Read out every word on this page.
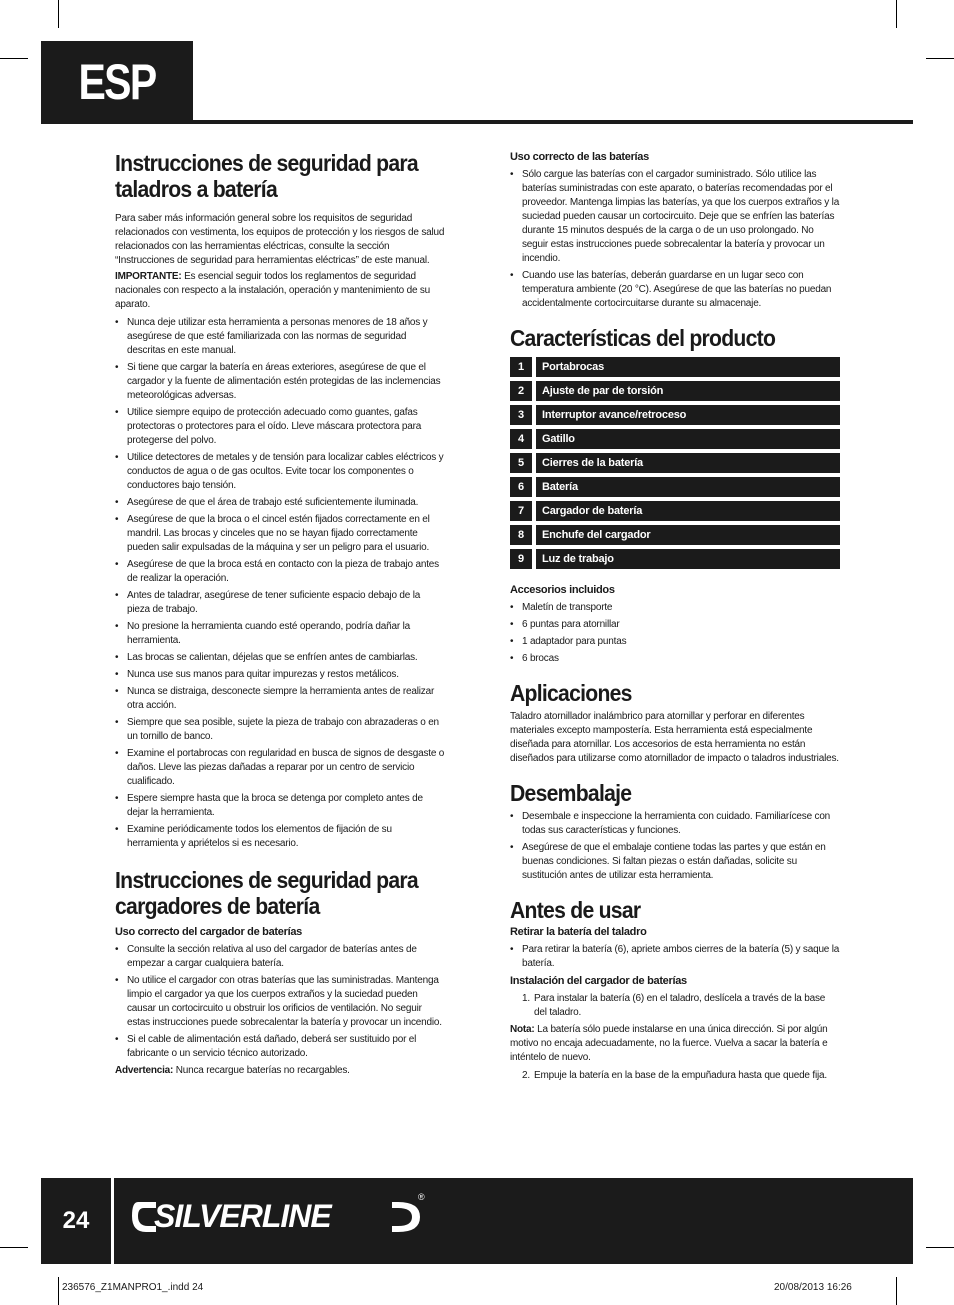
ESP
Instrucciones de seguridad para
taladros a batería

Para saber más información general sobre los requisitos de seguridad relacionados con vestimenta, los equipos de protección y los riesgos de salud relacionados con las herramientas eléctricas, consulte la sección “Instrucciones de seguridad para herramientas eléctricas” de este manual.

IMPORTANTE: Es esencial seguir todos los reglamentos de seguridad nacionales con respecto a la instalación, operación y mantenimiento de su aparato.

• Nunca deje utilizar esta herramienta a personas menores de 18 años y asegúrese de que esté familiarizada con las normas de seguridad descritas en este manual.
• Si tiene que cargar la batería en áreas exteriores, asegúrese de que el cargador y la fuente de alimentación estén protegidas de las inclemencias meteorológicas adversas.
• Utilice siempre equipo de protección adecuado como guantes, gafas protectoras o protectores para el oído. Lleve máscara protectora para protegerse del polvo.
• Utilice detectores de metales y de tensión para localizar cables eléctricos y conductos de agua o de gas ocultos. Evite tocar los componentes o conductores bajo tensión.
• Asegúrese de que el área de trabajo esté suficientemente iluminada.
• Asegúrese de que la broca o el cincel estén fijados correctamente en el mandril. Las brocas y cinceles que no se hayan fijado correctamente pueden salir expulsadas de la máquina y ser un peligro para el usuario.
• Asegúrese de que la broca está en contacto con la pieza de trabajo antes de realizar la operación.
• Antes de taladrar, asegúrese de tener suficiente espacio debajo de la pieza de trabajo.
• No presione la herramienta cuando esté operando, podría dañar la herramienta.
• Las brocas se calientan, déjelas que se enfríen antes de cambiarlas.
• Nunca use sus manos para quitar impurezas y restos metálicos.
• Nunca se distraiga, desconecte siempre la herramienta antes de realizar otra acción.
• Siempre que sea posible, sujete la pieza de trabajo con abrazaderas o en un tornillo de banco.
• Examine el portabrocas con regularidad en busca de signos de desgaste o daños. Lleve las piezas dañadas a reparar por un centro de servicio cualificado.
• Espere siempre hasta que la broca se detenga por completo antes de dejar la herramienta.
• Examine periódicamente todos los elementos de fijación de su herramienta y apriételos si es necesario.
Instrucciones de seguridad para
cargadores de batería
Uso correcto del cargador de baterías
• Consulte la sección relativa al uso del cargador de baterías antes de empezar a cargar cualquiera batería.
• No utilice el cargador con otras baterías que las suministradas. Mantenga limpio el cargador ya que los cuerpos extraños y la suciedad pueden causar un cortocircuito u obstruir los orificios de ventilación. No seguir estas instrucciones puede sobrecalentar la batería y provocar un incendio.
• Si el cable de alimentación está dañado, deberá ser sustituido por el fabricante o un servicio técnico autorizado.

Advertencia: Nunca recargue baterías no recargables.

Uso correcto de las baterías
• Sólo cargue las baterías con el cargador suministrado. Sólo utilice las baterías suministradas con este aparato, o baterías recomendadas por el proveedor. Mantenga limpias las baterías, ya que los cuerpos extraños y la suciedad pueden causar un cortocircuito. Deje que se enfríen las baterías durante 15 minutos después de la carga o de un uso prolongado. No seguir estas instrucciones puede sobrecalentar la batería y provocar un incendio.
• Cuando use las baterías, deberán guardarse en un lugar seco con temperatura ambiente (20 °C). Asegúrese de que las baterías no puedan accidentalmente cortocircuitarse durante su almacenaje.
Características del producto
1	Portabrocas
2	Ajuste de par de torsión
3	Interruptor avance/retroceso
4	Gatillo
5	Cierres de la batería
6	Batería
7	Cargador de batería
8	Enchufe del cargador
9	Luz de trabajo
Accesorios incluidos
• Maletín de transporte
• 6 puntas para atornillar
• 1 adaptador para puntas
• 6 brocas
Aplicaciones

Taladro atornillador inalámbrico para atornillar y perforar en diferentes materiales excepto mampostería. Esta herramienta está especialmente diseñada para atornillar. Los accesorios de esta herramienta no están diseñados para utilizarse como atornillador de impacto o taladros industriales.

Desembalaje
• Desembale e inspeccione la herramienta con cuidado. Familiarícese con todas sus características y funciones.
• Asegúrese de que el embalaje contiene todas las partes y que están en buenas condiciones. Si faltan piezas o están dañadas, solicite su sustitución antes de utilizar esta herramienta.
Antes de usar
Retirar la batería del taladro
• Para retirar la batería (6), apriete ambos cierres de la batería (5) y saque la batería.
Instalación del cargador de baterías
1. Para instalar la batería (6) en el taladro, deslícela a través de la base del taladro.

Nota: La batería sólo puede instalarse en una única dirección. Si por algún motivo no encaja adecuadamente, no la fuerce. Vuelva a sacar la batería e inténtelo de nuevo.

2. Empuje la batería en la base de la empuñadura hasta que quede fija.
24	SILVERLINE
®
236576_Z1MANPRO1_.indd 24	20/08/2013 16:26
